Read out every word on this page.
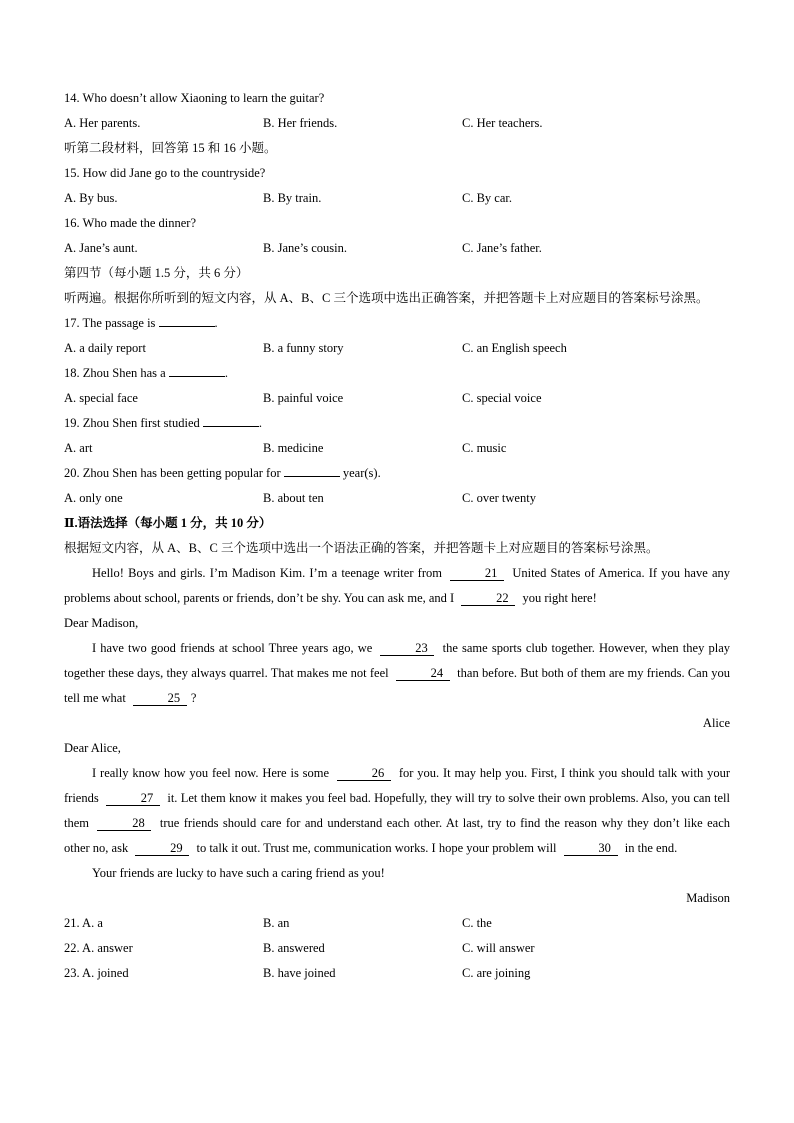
14. Who doesn’t allow Xiaoning to learn the guitar?
A. Her parents.	B. Her friends.	C. Her teachers.
听第二段材料，回答第 15 和 16 小题。
15. How did Jane go to the countryside?
A. By bus.	B. By train.	C. By car.
16. Who made the dinner?
A. Jane’s aunt.	B. Jane’s cousin.	C. Jane’s father.
第四节（每小题 1.5 分，共 6 分）
听两遍。根据你所听到的短文内容，从 A、B、C 三个选项中选出正确答案，并把答题卡上对应题目的答案标号涂黑。
17. The passage is	.
A. a daily report	B. a funny story	C. an English speech
18. Zhou Shen has a	.
A. special face	B. painful voice	C. special voice
19. Zhou Shen first studied	.
A. art	B. medicine	C. music
20. Zhou Shen has been getting popular for	year(s).
A. only one	B. about ten	C. over twenty
Ⅱ.语法选择（每小题 1 分，共 10 分）
根据短文内容，从 A、B、C 三个选项中选出一个语法正确的答案，并把答题卡上对应题目的答案标号涂黑。
Hello! Boys and girls. I’m Madison Kim. I’m a teenage writer from	21 United States of America. If you have any problems about school, parents or friends, don’t be shy. You can ask me, and I	22 you right here!
Dear Madison,
I have two good friends at school Three years ago, we	23 the same sports club together. However, when they play together these days, they always quarrel. That makes me not feel	24 than before. But both of them are my friends. Can you tell me what	25 ?
Alice
Dear Alice,
I really know how you feel now. Here is some	26 for you. It may help you. First, I think you should talk with your friends	27 it. Let them know it makes you feel bad. Hopefully, they will try to solve their own problems. Also, you can tell them	28 true friends should care for and understand each other. At last, try to find the reason why they don’t like each other no, ask	29 to talk it out. Trust me, communication works. I hope your problem will	30 in the end.
Your friends are lucky to have such a caring friend as you!
Madison
21. A. a	B. an	C. the
22. A. answer	B. answered	C. will answer
23. A. joined	B. have joined	C. are joining
